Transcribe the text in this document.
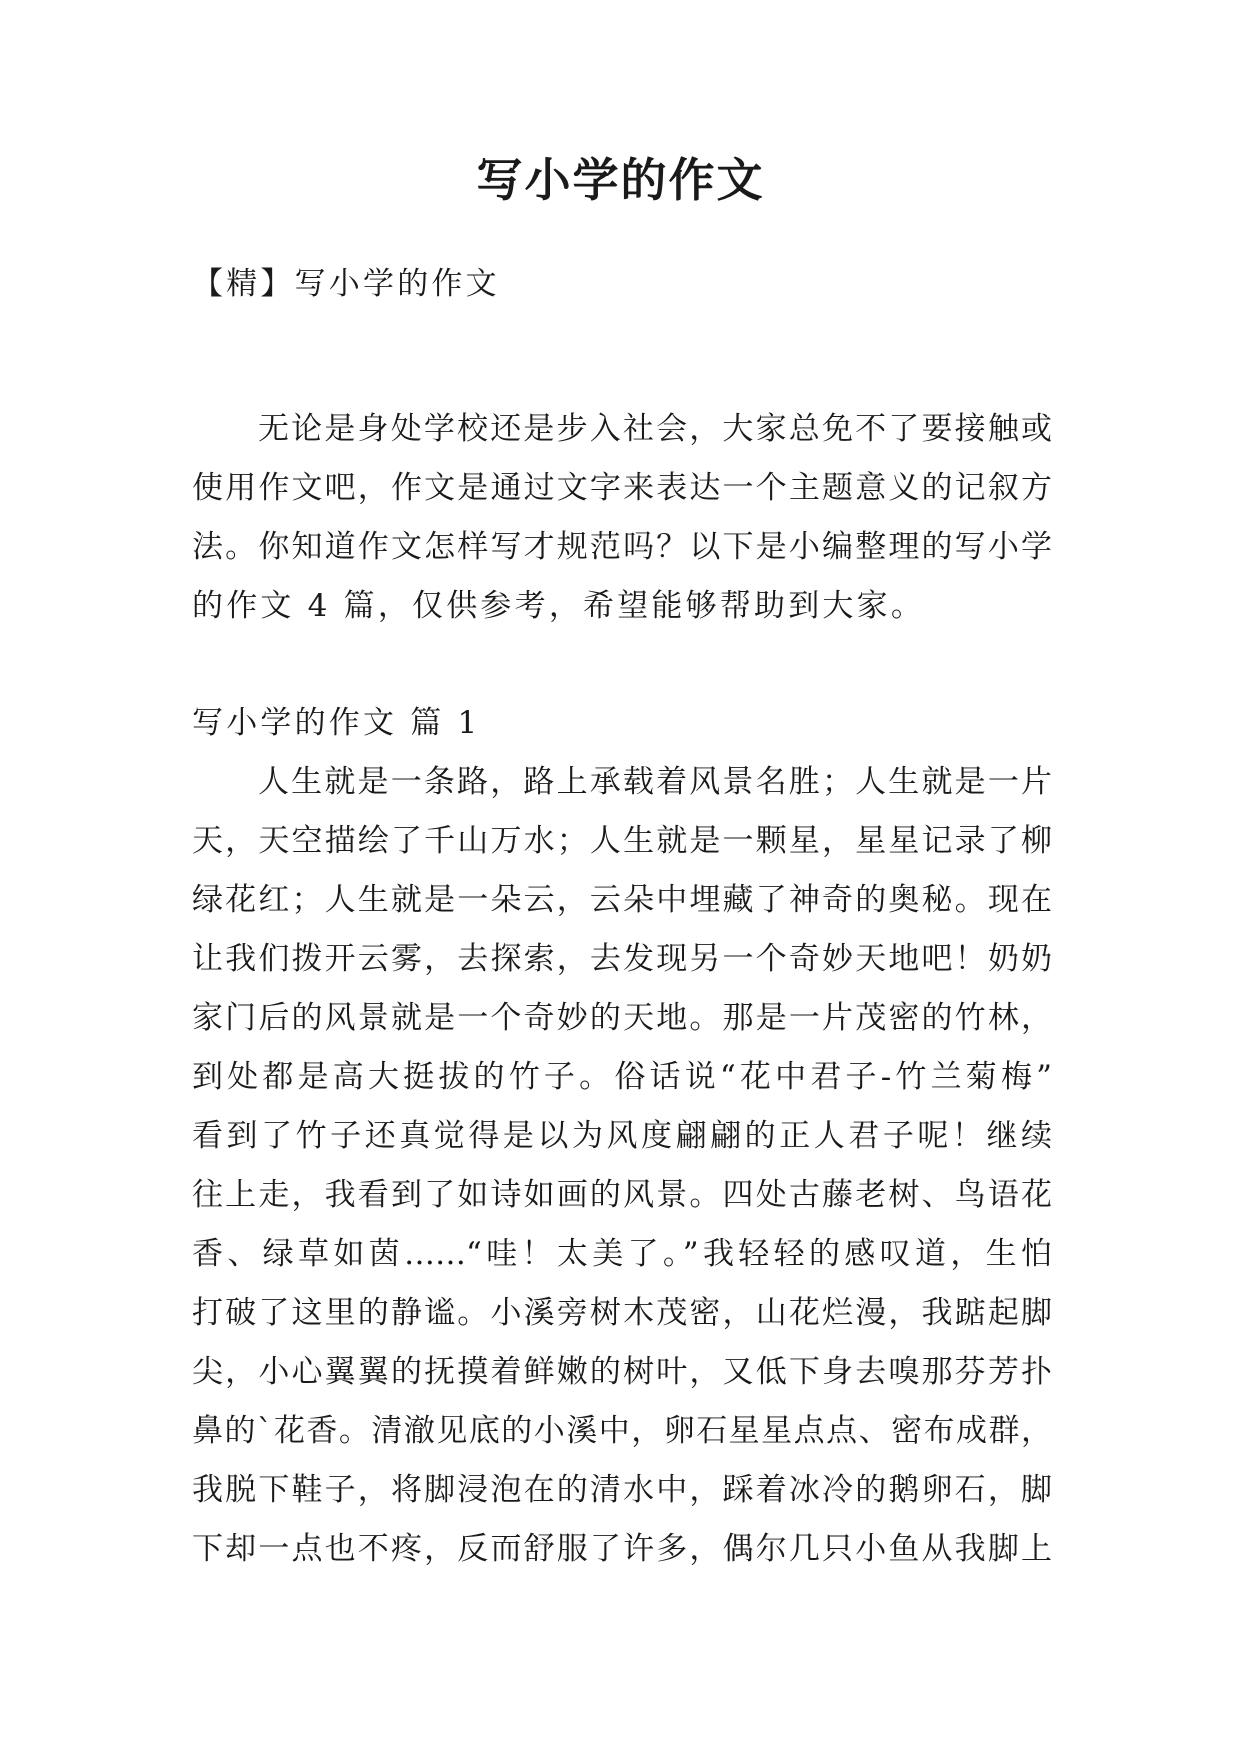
写小学的作文

【精】写小学的作文

无论是身处学校还是步入社会，大家总免不了要接触或

使用作文吧，作文是通过文字来表达一个主题意义的记叙方

法。你知道作文怎样写才规范吗？以下是小编整理的写小学

的作文 4 篇，仅供参考，希望能够帮助到大家。

写小学的作文 篇 1

人生就是一条路，路上承载着风景名胜；人生就是一片

天，天空描绘了千山万水；人生就是一颗星，星星记录了柳

绿花红；人生就是一朵云，云朵中埋藏了神奇的奥秘。现在

让我们拨开云雾，去探索，去发现另一个奇妙天地吧！奶奶

家门后的风景就是一个奇妙的天地。那是一片茂密的竹林，

到处都是高大挺拔的竹子。俗话说“花中君子-竹兰菊梅”

看到了竹子还真觉得是以为风度翩翩的正人君子呢！继续

往上走，我看到了如诗如画的风景。四处古藤老树、鸟语花

香、绿草如茵……“哇！太美了。”我轻轻的感叹道，生怕

打破了这里的静谧。小溪旁树木茂密，山花烂漫，我踮起脚

尖，小心翼翼的抚摸着鲜嫩的树叶，又低下身去嗅那芬芳扑

鼻的`花香。清澈见底的小溪中，卵石星星点点、密布成群，

我脱下鞋子，将脚浸泡在的清水中，踩着冰冷的鹅卵石，脚

下却一点也不疼，反而舒服了许多，偶尔几只小鱼从我脚上
